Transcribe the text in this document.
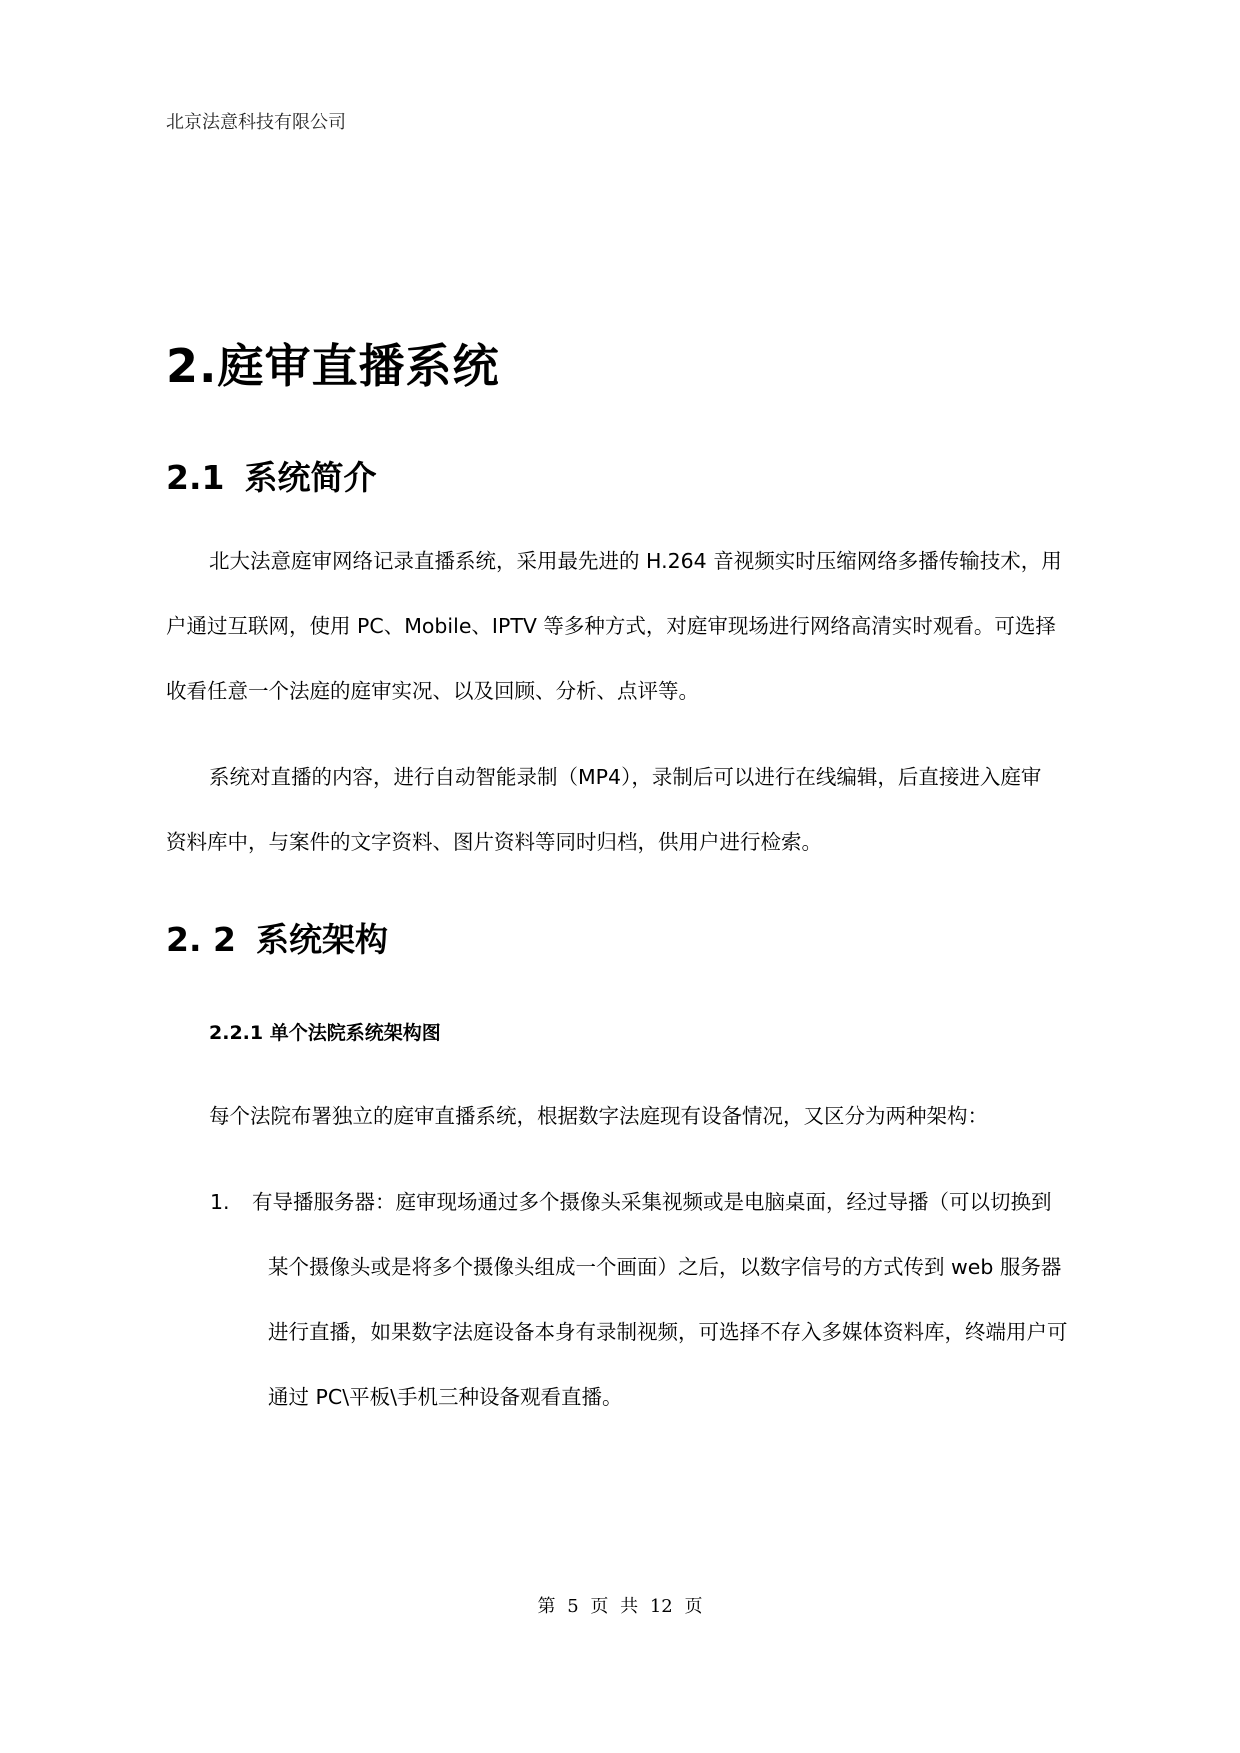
北京法意科技有限公司
2.庭审直播系统
2.1 系统简介
北大法意庭审网络记录直播系统，采用最先进的 H.264 音视频实时压缩网络多播传输技术，用
户通过互联网，使用 PC、Mobile、IPTV 等多种方式，对庭审现场进行网络高清实时观看。可选择
收看任意一个法庭的庭审实况、以及回顾、分析、点评等。
系统对直播的内容，进行自动智能录制（MP4），录制后可以进行在线编辑，后直接进入庭审
资料库中，与案件的文字资料、图片资料等同时归档，供用户进行检索。
2. 2 系统架构
2.2.1 单个法院系统架构图
每个法院布署独立的庭审直播系统，根据数字法庭现有设备情况，又区分为两种架构：
1.	有导播服务器：庭审现场通过多个摄像头采集视频或是电脑桌面，经过导播（可以切换到
某个摄像头或是将多个摄像头组成一个画面）之后，以数字信号的方式传到 web 服务器
进行直播，如果数字法庭设备本身有录制视频，可选择不存入多媒体资料库，终端用户可
通过 PC\平板\手机三种设备观看直播。
第 5 页 共 12 页
